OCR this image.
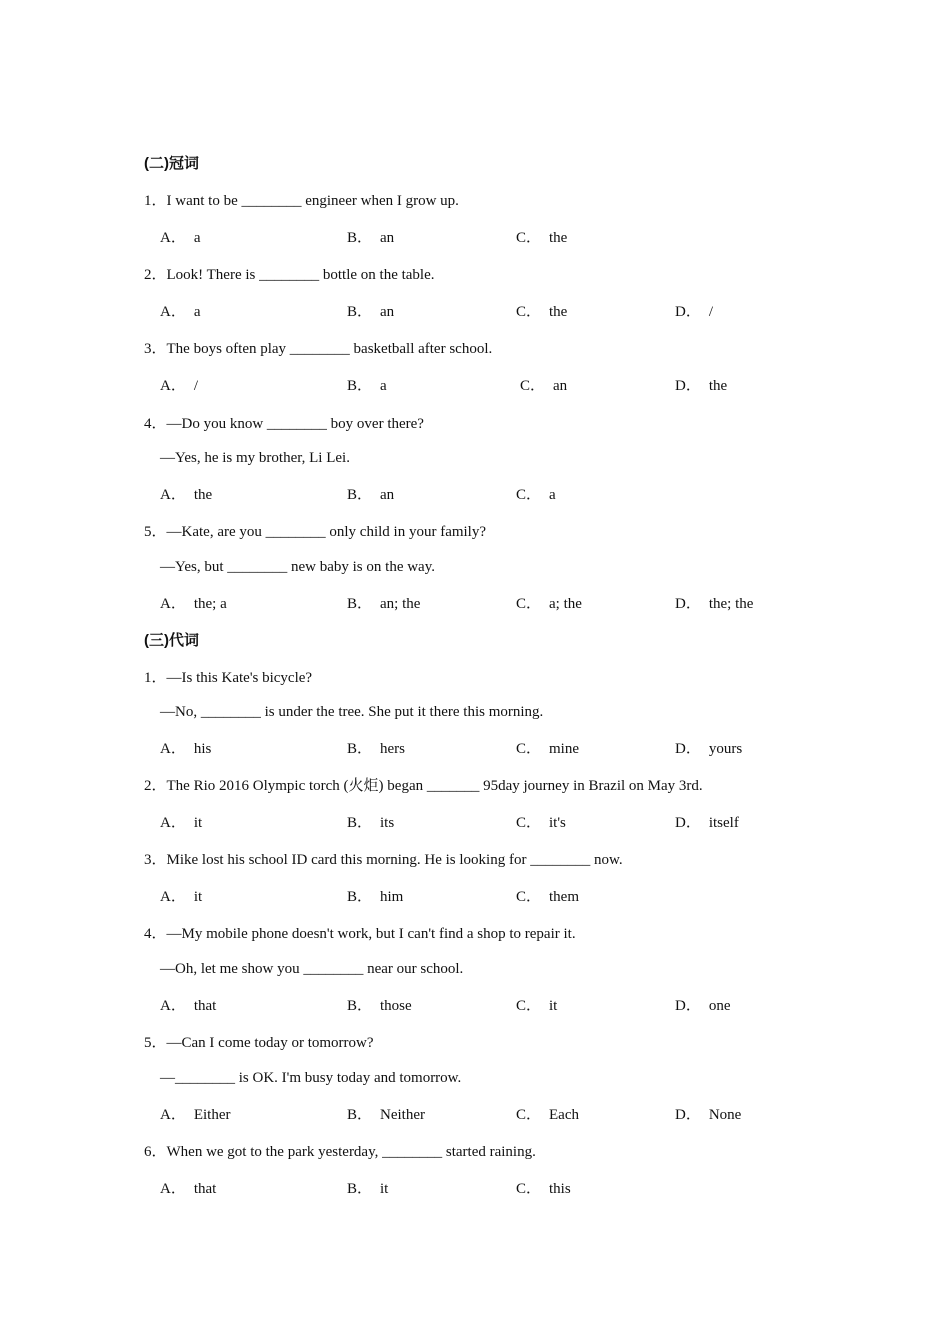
(二)冠词
1．I want to be ________ engineer when I grow up.
A． a	B． an	C． the
2．Look! There is ________ bottle on the table.
A． a	B． an	C． the	D． /
3．The boys often play ________ basketball after school.
A． /	B． a	C． an	D． the
4．—Do you know ________ boy over there?
—Yes, he is my brother, Li Lei.
A． the	B． an	C． a
5．—Kate, are you ________ only child in your family?
—Yes, but ________ new baby is on the way.
A． the; a	B． an; the	C． a; the	D． the; the
(三)代词
1．—Is this Kate's bicycle?
—No, ________ is under the tree. She put it there this morning.
A． his	B． hers	C． mine	D． yours
2．The Rio 2016 Olympic torch (火炬) began _______ 95day journey in Brazil on May 3rd.
A． it	B． its	C． it's	D． itself
3．Mike lost his school ID card this morning. He is looking for ________ now.
A． it	B． him	C． them
4．—My mobile phone doesn't work, but I can't find a shop to repair it.
—Oh, let me show you ________ near our school.
A． that	B． those	C． it	D． one
5．—Can I come today or tomorrow?
—________ is OK. I'm busy today and tomorrow.
A． Either	B． Neither	C． Each	D． None
6．When we got to the park yesterday, ________ started raining.
A． that	B． it	C． this
